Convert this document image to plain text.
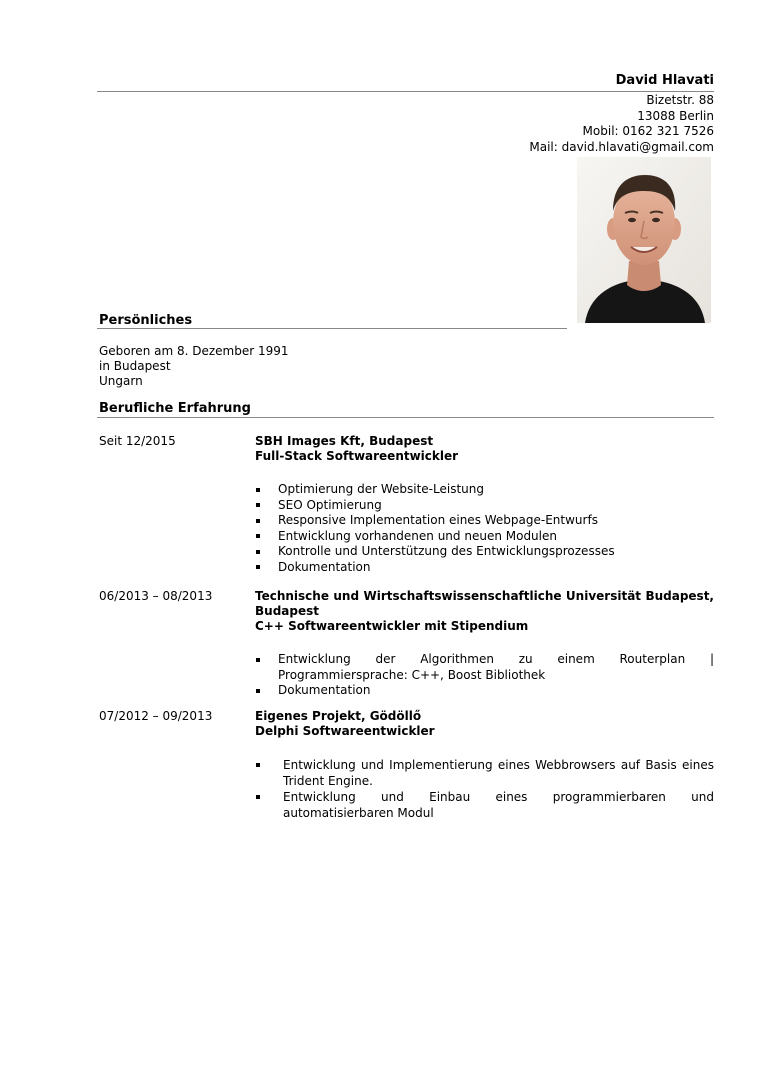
David Hlavati
Bizetstr. 88
13088 Berlin
Mobil: 0162 321 7526
Mail: david.hlavati@gmail.com
Persönliches
Geboren am 8. Dezember 1991
in Budapest
Ungarn
Berufliche Erfahrung
Seit 12/2015	SBH Images Kft, Budapest
Full-Stack Softwareentwickler
Optimierung der Website-Leistung
SEO Optimierung
Responsive Implementation eines Webpage-Entwurfs
Entwicklung vorhandenen und neuen Modulen
Kontrolle und Unterstützung des Entwicklungsprozesses
Dokumentation
06/2013 – 08/2013	Technische und Wirtschaftswissenschaftliche Universität Budapest, Budapest
C++ Softwareentwickler mit Stipendium
Entwicklung der Algorithmen zu einem Routerplan | Programmiersprache: C++, Boost Bibliothek
Dokumentation
07/2012 – 09/2013	Eigenes Projekt, Gödöllő
Delphi Softwareentwickler
Entwicklung und Implementierung eines Webbrowsers auf Basis eines Trident Engine.
Entwicklung und Einbau eines programmierbaren und automatisierbaren Modul
